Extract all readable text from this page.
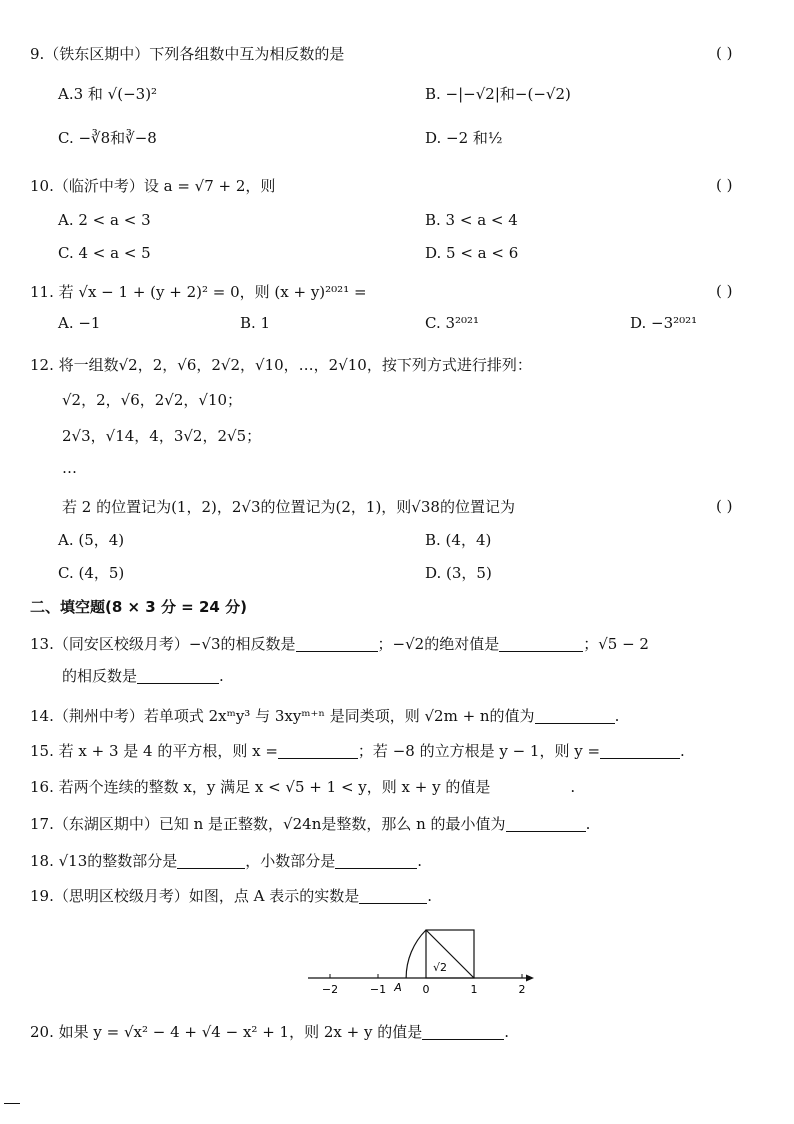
9.（铁东区期中）下列各组数中互为相反数的是	( )
A.3 和 √(−3)²	B. −|−√2|和−(−√2)
C. −∛8和∛−8	D. −2 和½
10.（临沂中考）设 a = √7 + 2，则	( )
A. 2 < a < 3	B. 3 < a < 4
C. 4 < a < 5	D. 5 < a < 6
11. 若 √x − 1 + (y + 2)² = 0，则 (x + y)²⁰²¹ =	( )
A. −1	B. 1	C. 3²⁰²¹	D. −3²⁰²¹
12. 将一组数√2，2，√6，2√2，√10，…，2√10，按下列方式进行排列：
√2，2，√6，2√2，√10；
2√3，√14，4，3√2，2√5；
…
若 2 的位置记为(1，2)，2√3的位置记为(2，1)，则√38的位置记为	( )
A. (5，4)	B. (4，4)
C. (4，5)	D. (3，5)
二、填空题(8 × 3 分 = 24 分)
13.（同安区校级月考）−√3的相反数是	；−√2的绝对值是	；√5 − 2
的相反数是	.
14.（荆州中考）若单项式 2xᵐy³ 与 3xyᵐ⁺ⁿ 是同类项，则 √2m + n的值为	.
15. 若 x + 3 是 4 的平方根，则 x =	；若 −8 的立方根是 y − 1，则 y =	.
16. 若两个连续的整数 x，y 满足 x < √5 + 1 < y，则 x + y 的值是	.
17.（东湖区期中）已知 n 是正整数，√24n是整数，那么 n 的最小值为	.
18. √13的整数部分是	，小数部分是	.
19.（思明区校级月考）如图，点 A 表示的实数是	.
−2	−1 A 0	1	2
√2
20. 如果 y = √x² − 4 + √4 − x² + 1，则 2x + y 的值是	.
